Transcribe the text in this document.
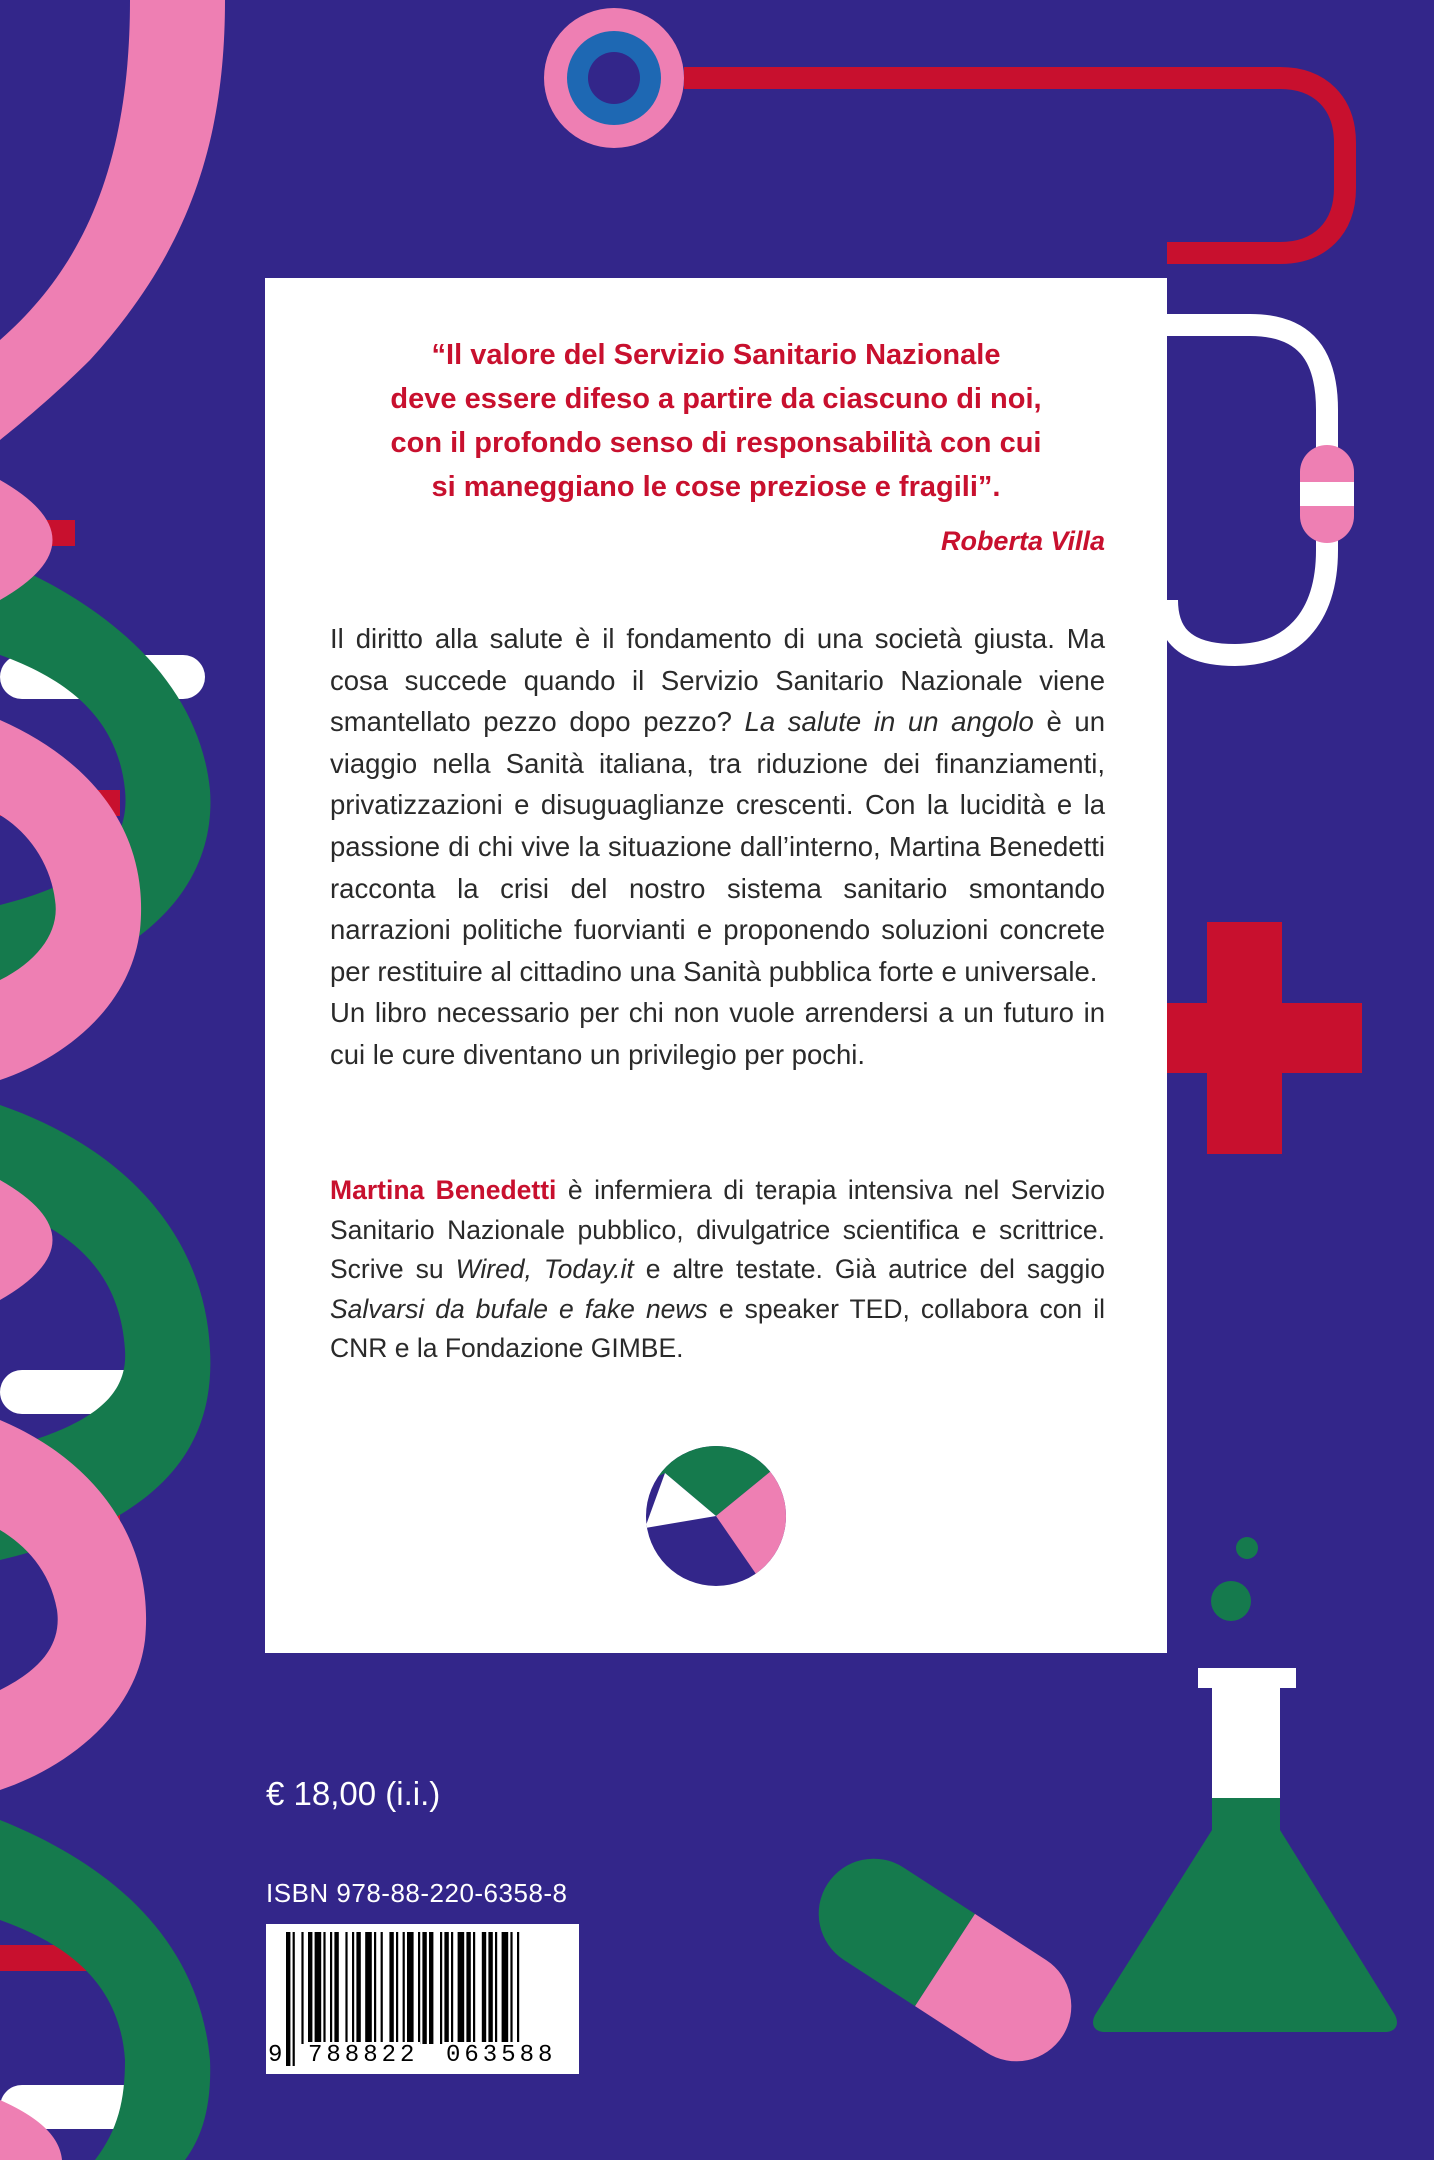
“Il valore del Servizio Sanitario Nazionale
deve essere difeso a partire da ciascuno di noi,
con il profondo senso di responsabilità con cui
si maneggiano le cose preziose e fragili”.
Roberta Villa
Il diritto alla salute è il fondamento di una società giusta. Ma cosa succede quando il Servizio Sanitario Nazionale viene smantellato pezzo dopo pezzo? La salute in un angolo è un viaggio nella Sanità italiana, tra riduzione dei finanziamenti, privatizzazioni e disuguaglianze crescenti. Con la lucidità e la passione di chi vive la situazione dall’interno, Martina Benedetti racconta la crisi del nostro sistema sanitario smontando narrazioni politiche fuorvianti e proponendo soluzioni concrete per restituire al cittadino una Sanità pubblica forte e universale.
Un libro necessario per chi non vuole arrendersi a un futuro in cui le cure diventano un privilegio per pochi.
Martina Benedetti è infermiera di terapia intensiva nel Servizio Sanitario Nazionale pubblico, divulgatrice scientifica e scrittrice. Scrive su Wired, Today.it e altre testate. Già autrice del saggio Salvarsi da bufale e fake news e speaker TED, collabora con il CNR e la Fondazione GIMBE.
€ 18,00 (i.i.)
ISBN 978-88-220-6358-8
9 788822 063588
